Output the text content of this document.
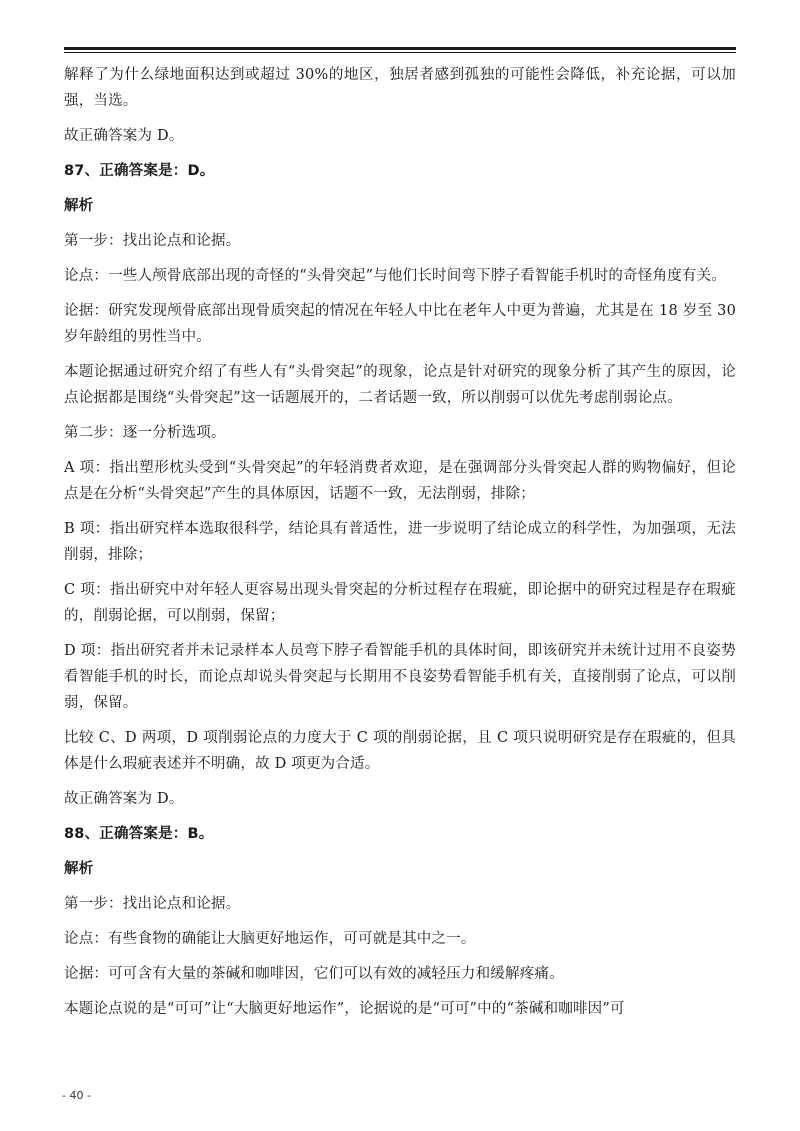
解释了为什么绿地面积达到或超过 30%的地区，独居者感到孤独的可能性会降低，补充论据，可以加强，当选。

故正确答案为 D。

87、正确答案是：D。

解析

第一步：找出论点和论据。

论点：一些人颅骨底部出现的奇怪的“头骨突起”与他们长时间弯下脖子看智能手机时的奇怪角度有关。

论据：研究发现颅骨底部出现骨质突起的情况在年轻人中比在老年人中更为普遍，尤其是在 18 岁至 30 岁年龄组的男性当中。

本题论据通过研究介绍了有些人有“头骨突起”的现象，论点是针对研究的现象分析了其产生的原因，论点论据都是围绕“头骨突起”这一话题展开的，二者话题一致，所以削弱可以优先考虑削弱论点。

第二步：逐一分析选项。

A 项：指出塑形枕头受到“头骨突起”的年轻消费者欢迎，是在强调部分头骨突起人群的购物偏好，但论点是在分析“头骨突起”产生的具体原因，话题不一致，无法削弱，排除；

B 项：指出研究样本选取很科学，结论具有普适性，进一步说明了结论成立的科学性，为加强项，无法削弱，排除；

C 项：指出研究中对年轻人更容易出现头骨突起的分析过程存在瑕疵，即论据中的研究过程是存在瑕疵的，削弱论据，可以削弱，保留；

D 项：指出研究者并未记录样本人员弯下脖子看智能手机的具体时间，即该研究并未统计过用不良姿势看智能手机的时长，而论点却说头骨突起与长期用不良姿势看智能手机有关，直接削弱了论点，可以削弱，保留。

比较 C、D 两项，D 项削弱论点的力度大于 C 项的削弱论据，且 C 项只说明研究是存在瑕疵的，但具体是什么瑕疵表述并不明确，故 D 项更为合适。

故正确答案为 D。

88、正确答案是：B。

解析

第一步：找出论点和论据。

论点：有些食物的确能让大脑更好地运作，可可就是其中之一。

论据：可可含有大量的茶碱和咖啡因，它们可以有效的减轻压力和缓解疼痛。

本题论点说的是“可可”让“大脑更好地运作”，论据说的是“可可”中的“茶碱和咖啡因”可

- 40 -
